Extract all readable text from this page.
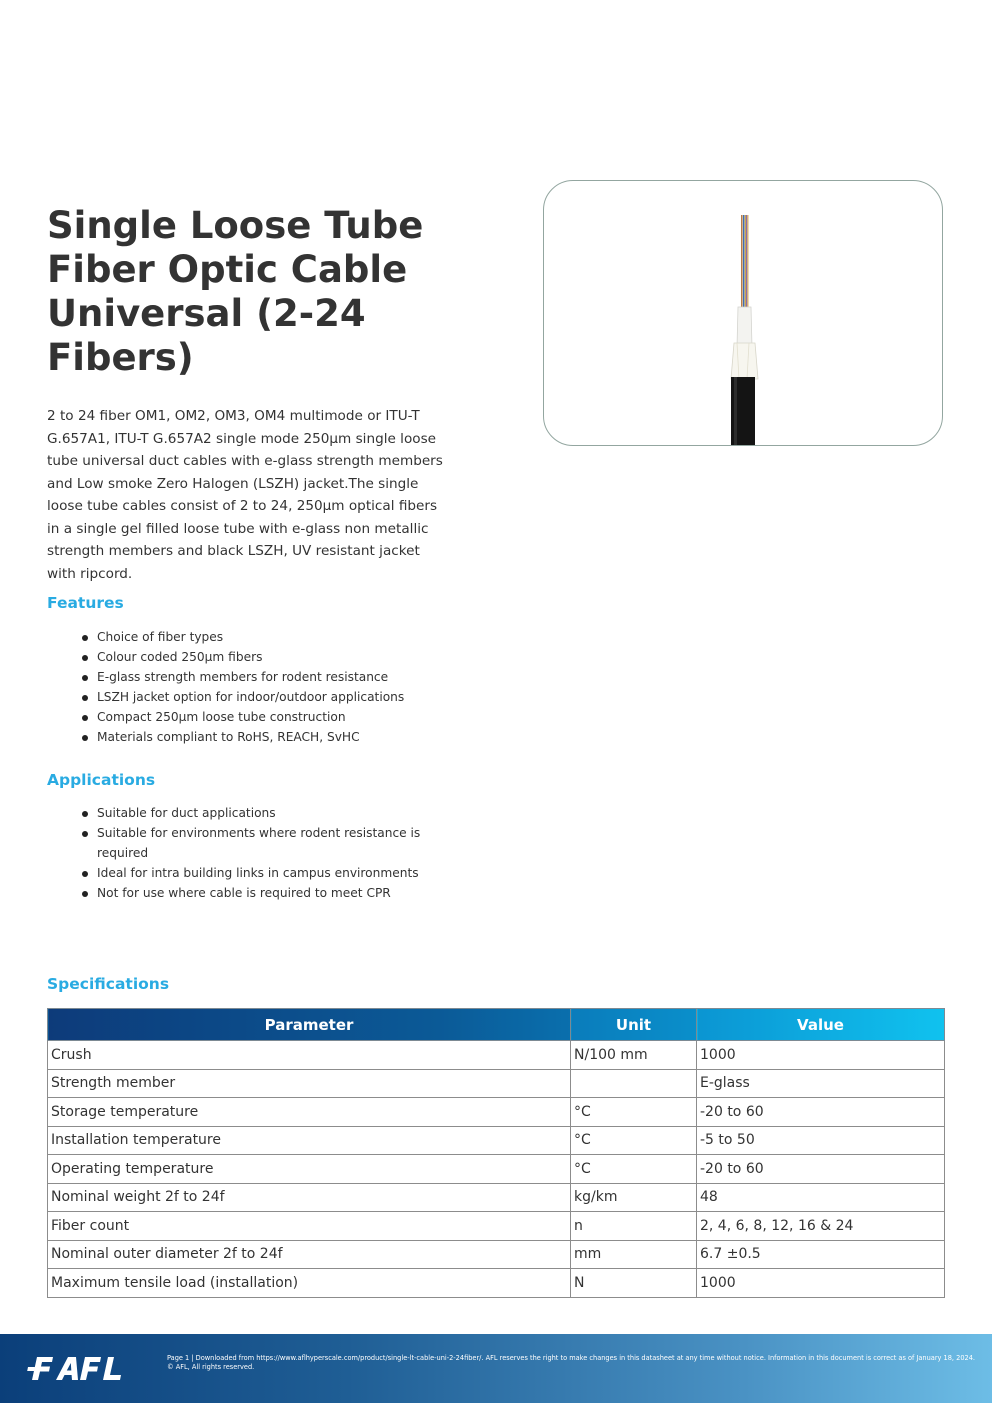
Single Loose Tube Fiber Optic Cable Universal (2-24 Fibers)

2 to 24 fiber OM1, OM2, OM3, OM4 multimode or ITU-T G.657A1, ITU-T G.657A2 single mode 250µm single loose tube universal duct cables with e-glass strength members and Low smoke Zero Halogen (LSZH) jacket.The single loose tube cables consist of 2 to 24, 250µm optical fibers in a single gel filled loose tube with e-glass non metallic strength members and black LSZH, UV resistant jacket with ripcord.

Features
Choice of fiber types
Colour coded 250µm fibers
E-glass strength members for rodent resistance
LSZH jacket option for indoor/outdoor applications
Compact 250µm loose tube construction
Materials compliant to RoHS, REACH, SvHC
Applications
Suitable for duct applications
Suitable for environments where rodent resistance is required
Ideal for intra building links in campus environments
Not for use where cable is required to meet CPR
Specifications
Parameter	Unit	Value
Crush	N/100 mm	1000
Strength member		E-glass
Storage temperature	°C	-20 to 60
Installation temperature	°C	-5 to 50
Operating temperature	°C	-20 to 60
Nominal weight 2f to 24f	kg/km	48
Fiber count	n	2, 4, 6, 8, 12, 16 & 24
Nominal outer diameter 2f to 24f	mm	6.7 ±0.5
Maximum tensile load (installation)	N	1000
Page 1 | Downloaded from https://www.aflhyperscale.com/product/single-lt-cable-uni-2-24fiber/. AFL reserves the right to make changes in this datasheet at any time without notice. Information in this document is correct as of January 18, 2024.
© AFL, All rights reserved.
